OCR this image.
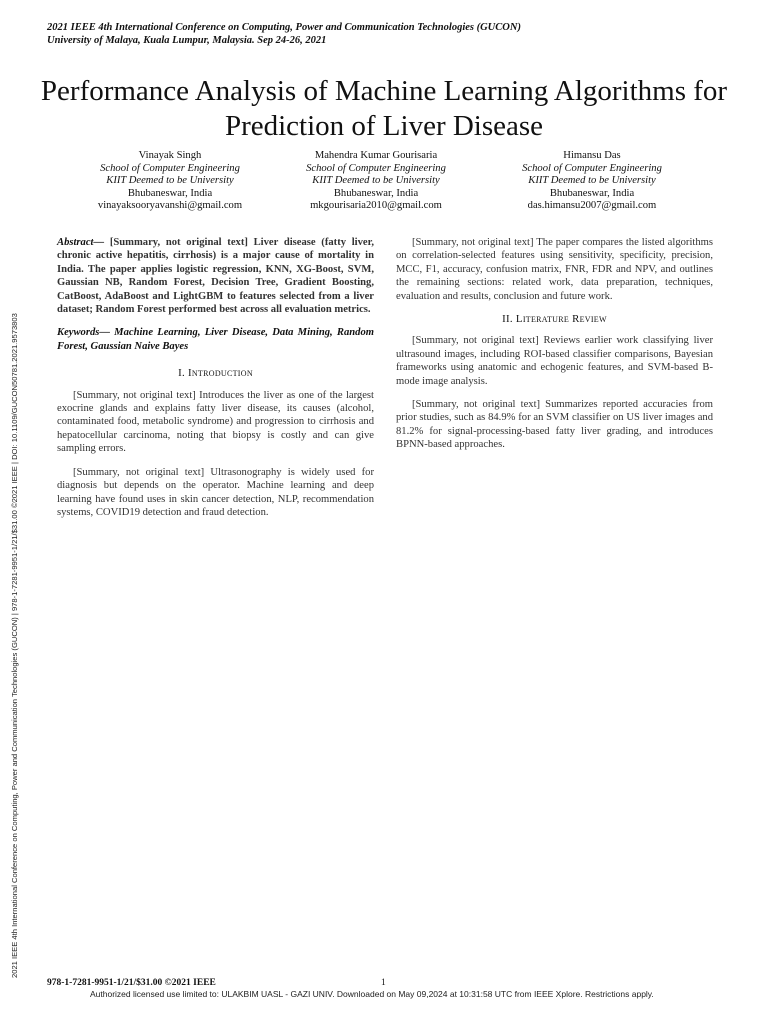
2021 IEEE 4th International Conference on Computing, Power and Communication Technologies (GUCON) | 978-1-7281-9951-1/21/$31.00 ©2021 IEEE | DOI: 10.1109/GUCON50781.2021.9573803
2021 IEEE 4th International Conference on Computing, Power and Communication Technologies (GUCON)
University of Malaya, Kuala Lumpur, Malaysia. Sep 24-26, 2021
Performance Analysis of Machine Learning Algorithms for Prediction of Liver Disease
Vinayak Singh
School of Computer Engineering
KIIT Deemed to be University
Bhubaneswar, India
vinayaksooryavanshi@gmail.com
Mahendra Kumar Gourisaria
School of Computer Engineering
KIIT Deemed to be University
Bhubaneswar, India
mkgourisaria2010@gmail.com
Himansu Das
School of Computer Engineering
KIIT Deemed to be University
Bhubaneswar, India
das.himansu2007@gmail.com

Abstract— [Summary, not original text] Liver disease (fatty liver, chronic active hepatitis, cirrhosis) is a major cause of mortality in India. The paper applies logistic regression, KNN, XG-Boost, SVM, Gaussian NB, Random Forest, Decision Tree, Gradient Boosting, CatBoost, AdaBoost and LightGBM to features selected from a liver dataset; Random Forest performed best across all evaluation metrics.

Keywords— Machine Learning, Liver Disease, Data Mining, Random Forest, Gaussian Naive Bayes

I. Introduction

[Summary, not original text] Introduces the liver as one of the largest exocrine glands and explains fatty liver disease, its causes (alcohol, contaminated food, metabolic syndrome) and progression to cirrhosis and hepatocellular carcinoma, noting that biopsy is costly and can give sampling errors.

[Summary, not original text] Ultrasonography is widely used for diagnosis but depends on the operator. Machine learning and deep learning have found uses in skin cancer detection, NLP, recommendation systems, COVID19 detection and fraud detection.

[Summary, not original text] The paper compares the listed algorithms on correlation-selected features using sensitivity, specificity, precision, MCC, F1, accuracy, confusion matrix, FNR, FDR and NPV, and outlines the remaining sections: related work, data preparation, techniques, evaluation and results, conclusion and future work.

II. Literature Review

[Summary, not original text] Reviews earlier work classifying liver ultrasound images, including ROI-based classifier comparisons, Bayesian frameworks using anatomic and echogenic features, and SVM-based B-mode image analysis.

[Summary, not original text] Summarizes reported accuracies from prior studies, such as 84.9% for an SVM classifier on US liver images and 81.2% for signal-processing-based fatty liver grading, and introduces BPNN-based approaches.

978-1-7281-9951-1/21/$31.00 ©2021 IEEE	1
Authorized licensed use limited to: ULAKBIM UASL - GAZI UNIV. Downloaded on May 09,2024 at 10:31:58 UTC from IEEE Xplore. Restrictions apply.
